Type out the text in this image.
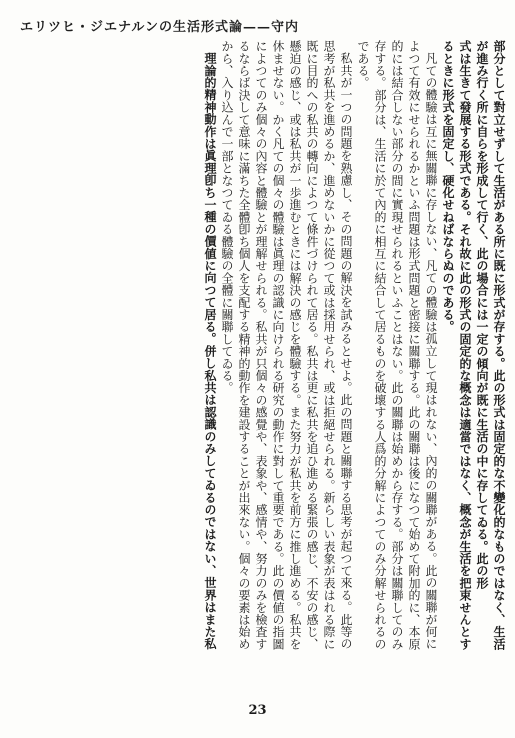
エリツヒ・ジエナルンの生活形式論——守内
部分として對立せずして生活がある所に既に形式が存する。此の形式は固定的な不變化的なものではなく、生活
が進み行く所に自らを形成して行く、此の場合には一定の傾向が既に生活の中に存してゐる。此の形
式は生きて發展する形式である。それ故に此の形式の固定的な概念は適當ではなく、概念が生活を把束せんとす
るときに形式を固定し、硬化せねばならぬのである。
凡ての體驗は互に無關聯に存しない、凡ての體驗は孤立して現はれない、內的の關聯がある。此の關聯が何に
よつて有效にせられるかといふ問題は形式問題と密接に關聯する。此の關聯は後になつて始めて附加的に、本原
的には結合しない部分の間に實現せられるといふことはない。此の關聯は始めから存する。部分は關聯してのみ
存する。部分は、生活に於て內的に相互に結合して居るものを破壞する人爲的分解によつてのみ分解せられるの
である。
私共が一つの問題を熟慮し、その問題の解決を試みるとせよ。此の問題と關聯する思考が起つて來る。此等の
思考が私共を進めるか、進めないかに從つて或は採用せられ、或は拒絕せられる。新らしい表象が表はれる際に
既に目的への私共の轉向によつて條件づけられて居る。私共は更に私共を追ひ進める緊張の感じ、不安の感じ、
懸迫の感じ、或は私共が一歩進むときには解決の感じを體驗する。また努力が私共を前方に推し進める。私共を
休ませない。かく凡ての個々の體驗は眞理の認識に向けられる研究の動作に對して重要である。此の價値の指圖
によつてのみ個々の內容と體驗とが理解せられる。私共が只個々の感覺や、表象や、感情や、努力のみを檢査す
るならば決して意味に滿ちた全體卽ち個人を支配する精神的動作を建設することが出來ない。個々の要素は始め
から、入り込んで一部となつてゐる體驗の全體に關聯してゐる。
理論的精神動作は眞理卽ち一種の價値に向つて居る。併し私共は認識のみしてゐるのではない、世界はまた私
23
